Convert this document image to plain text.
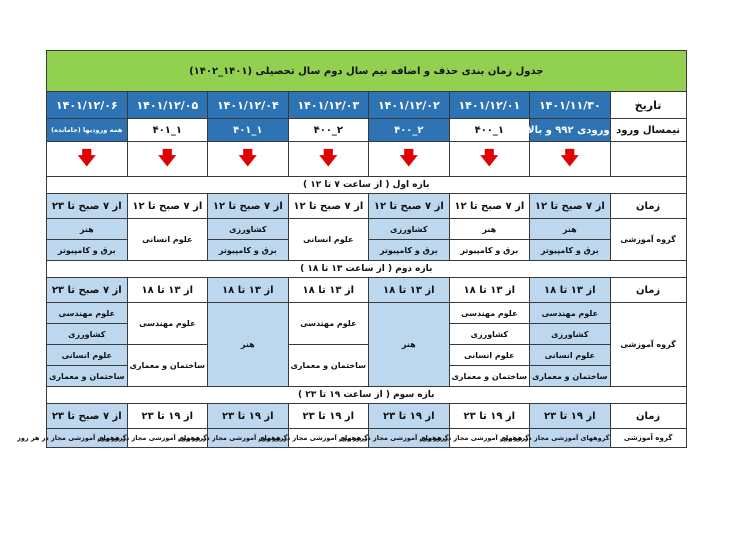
جدول زمان بندی حذف و اضافه نیم سال دوم سال تحصیلی (۱۴۰۱_۱۴۰۲)							
تاریخ	۱۴۰۱/۱۱/۳۰	۱۴۰۱/۱۲/۰۱	۱۴۰۱/۱۲/۰۲	۱۴۰۱/۱۲/۰۳	۱۴۰۱/۱۲/۰۴	۱۴۰۱/۱۲/۰۵	۱۴۰۱/۱۲/۰۶
نیمسال ورود	ورودی ۹۹۲ و بالاتر	۱_۴۰۰	۲_۴۰۰	۲_۴۰۰	۱_۴۰۱	۱_۴۰۱	همه ورودیها (جامانده)
	🡇	🡇	🡇	🡇	🡇	🡇	🡇
بازه اول ( از ساعت ۷ تا ۱۲ )							
زمان	از ۷ صبح تا ۱۲	از ۷ صبح تا ۱۲	از ۷ صبح تا ۱۲	از ۷ صبح تا ۱۲	از ۷ صبح تا ۱۲	از ۷ صبح تا ۱۲	از ۷ صبح تا ۲۳
گروه آموزشی	هنر	هنر	کشاورزی	علوم انسانی	کشاورزی	علوم انسانی	هنر
	برق و کامپیوتر	برق و کامپیوتر	برق و کامپیوتر		برق و کامپیوتر		برق و کامپیوتر
بازه دوم ( از ساعت ۱۳ تا ۱۸ )							
زمان	از ۱۳ تا ۱۸	از ۱۳ تا ۱۸	از ۱۳ تا ۱۸	از ۱۳ تا ۱۸	از ۱۳ تا ۱۸	از ۱۳ تا ۱۸	از ۷ صبح تا ۲۳
گروه آموزشی	علوم مهندسی	علوم مهندسی	هنر	علوم مهندسی	هنر	علوم مهندسی	علوم مهندسی
	کشاورزی	کشاورزی					کشاورزی
	علوم انسانی	علوم انسانی		ساختمان و معماری		ساختمان و معماری	علوم انسانی
	ساختمان و معماری	ساختمان و معماری					ساختمان و معماری
بازه سوم ( از ساعت ۱۹ تا ۲۳ )							
زمان	از ۱۹ تا ۲۳	از ۱۹ تا ۲۳	از ۱۹ تا ۲۳	از ۱۹ تا ۲۳	از ۱۹ تا ۲۳	از ۱۹ تا ۲۳	از ۷ صبح تا ۲۳
گروه آموزشی	گروههای آموزشی مجاز در هر روز	گروههای آموزشی مجاز در هر روز	گروههای آموزشی مجاز در هر روز	گروههای آموزشی مجاز در هر روز	گروههای آموزشی مجاز در هر روز	گروههای آموزشی مجاز در هر روز	گروههای آموزشی مجاز در هر روز
